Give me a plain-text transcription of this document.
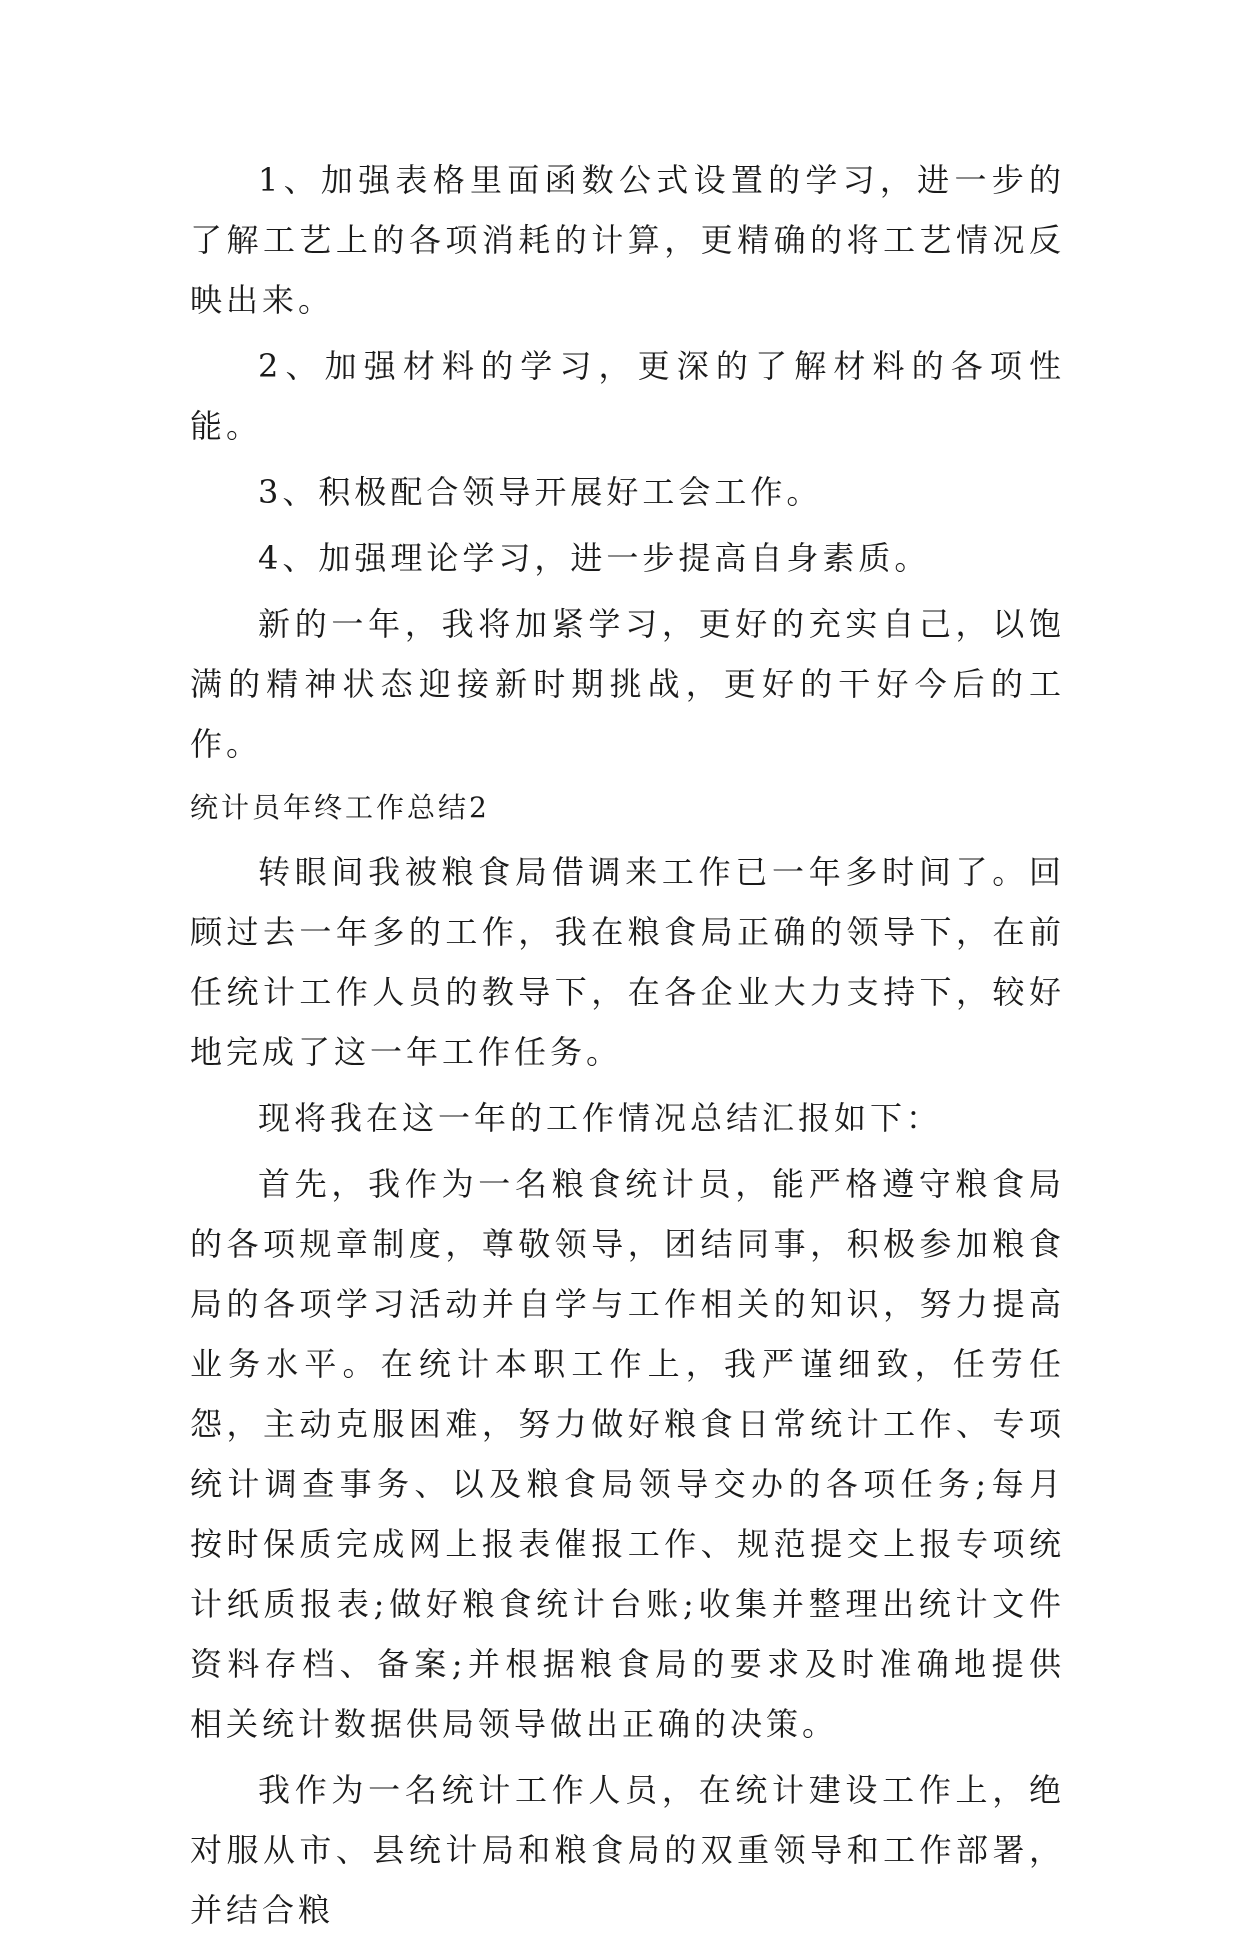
1、加强表格里面函数公式设置的学习，进一步的了解工艺上的各项消耗的计算，更精确的将工艺情况反映出来。

2、加强材料的学习，更深的了解材料的各项性能。

3、积极配合领导开展好工会工作。

4、加强理论学习，进一步提高自身素质。

新的一年，我将加紧学习，更好的充实自己，以饱满的精神状态迎接新时期挑战，更好的干好今后的工作。

统计员年终工作总结2

转眼间我被粮食局借调来工作已一年多时间了。回顾过去一年多的工作，我在粮食局正确的领导下，在前任统计工作人员的教导下，在各企业大力支持下，较好地完成了这一年工作任务。

现将我在这一年的工作情况总结汇报如下：

首先，我作为一名粮食统计员，能严格遵守粮食局的各项规章制度，尊敬领导，团结同事，积极参加粮食局的各项学习活动并自学与工作相关的知识，努力提高业务水平。在统计本职工作上，我严谨细致，任劳任怨，主动克服困难，努力做好粮食日常统计工作、专项统计调查事务、以及粮食局领导交办的各项任务;每月按时保质完成网上报表催报工作、规范提交上报专项统计纸质报表;做好粮食统计台账;收集并整理出统计文件资料存档、备案;并根据粮食局的要求及时准确地提供相关统计数据供局领导做出正确的决策。

我作为一名统计工作人员，在统计建设工作上，绝对服从市、县统计局和粮食局的双重领导和工作部署，并结合粮
